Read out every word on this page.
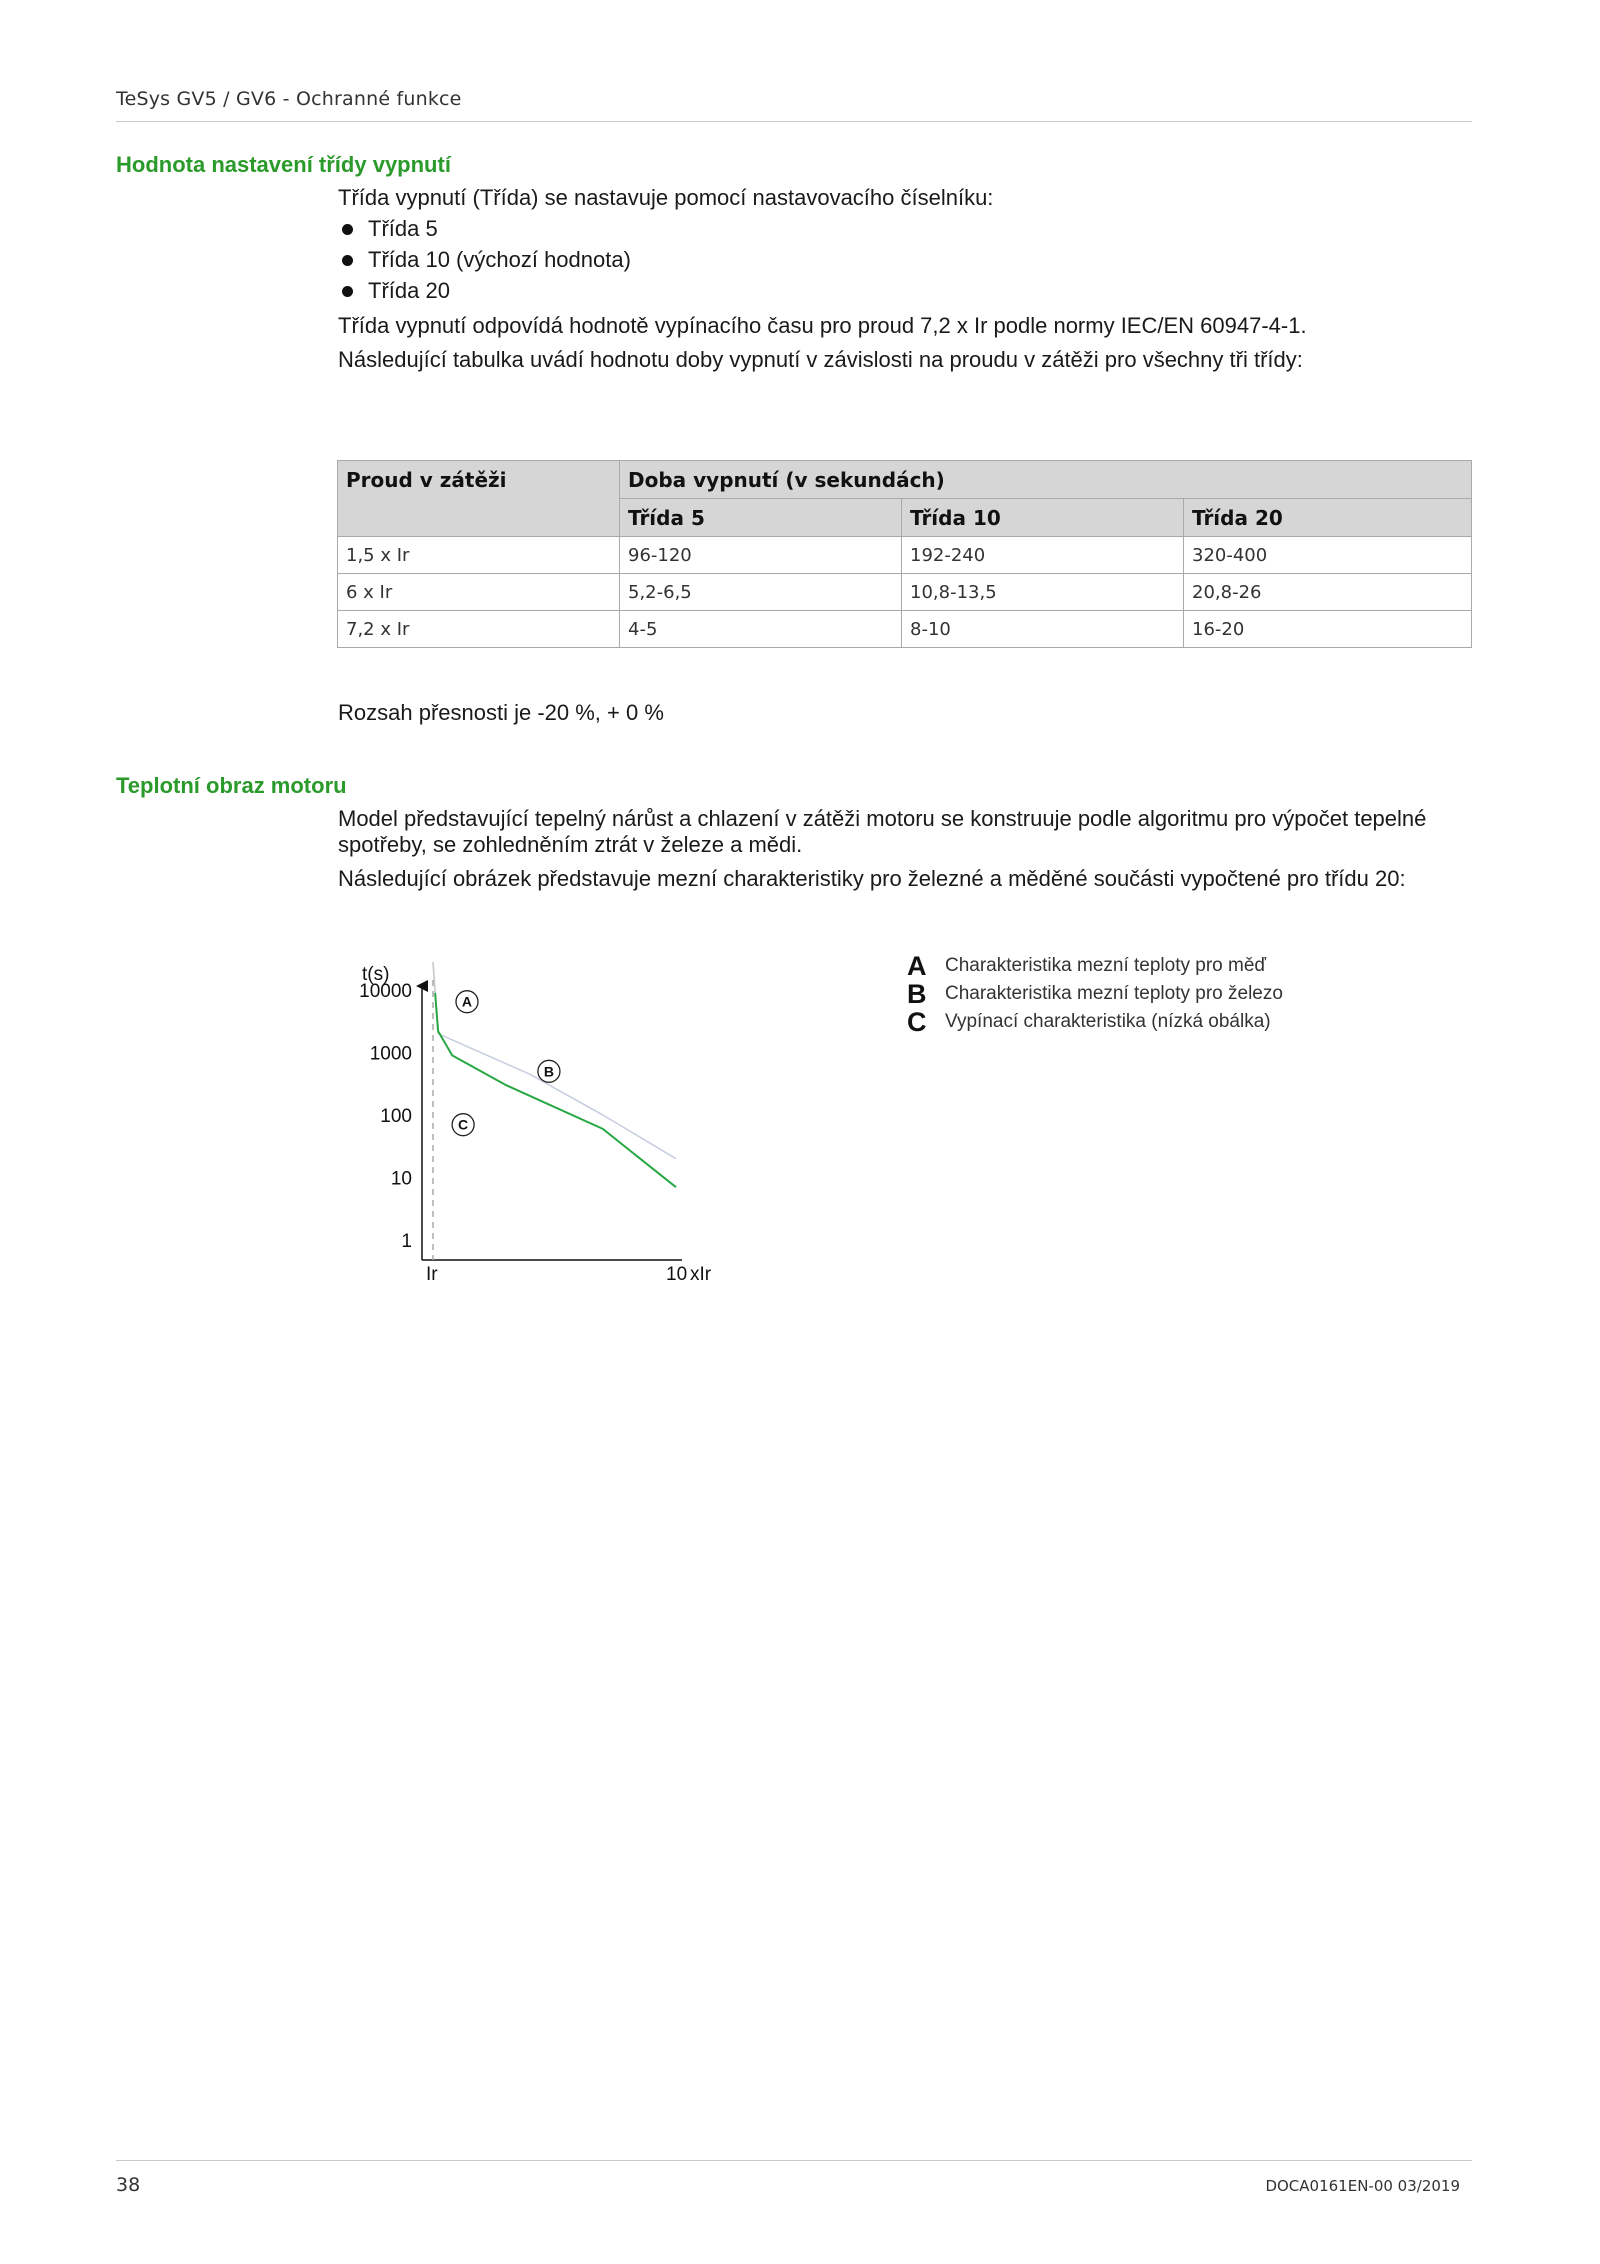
TeSys GV5 / GV6 - Ochranné funkce
Hodnota nastavení třídy vypnutí
Třída vypnutí (Třída) se nastavuje pomocí nastavovacího číselníku:
Třída 5
Třída 10 (výchozí hodnota)
Třída 20
Třída vypnutí odpovídá hodnotě vypínacího času pro proud 7,2 x Ir podle normy IEC/EN 60947-4-1.
Následující tabulka uvádí hodnotu doby vypnutí v závislosti na proudu v zátěži pro všechny tři třídy:
Proud v zátěži	Doba vypnutí (v sekundách)		
	Třída 5	Třída 10	Třída 20
1,5 x Ir	96-120	192-240	320-400
6 x Ir	5,2-6,5	10,8-13,5	20,8-26
7,2 x Ir	4-5	8-10	16-20
Rozsah přesnosti je -20 %, + 0 %
Teplotní obraz motoru
Model představující tepelný nárůst a chlazení v zátěži motoru se konstruuje podle algoritmu pro výpočet tepelné spotřeby, se zohledněním ztrát v železe a mědi.
Následující obrázek představuje mezní charakteristiky pro železné a měděné součásti vypočtené pro třídu 20:
t(s)
10000
1000
100
10
1
A
B
C
Ir	10 xIr
A Charakteristika mezní teploty pro měď
B Charakteristika mezní teploty pro železo
C Vypínací charakteristika (nízká obálka)
38	DOCA0161EN-00 03/2019
